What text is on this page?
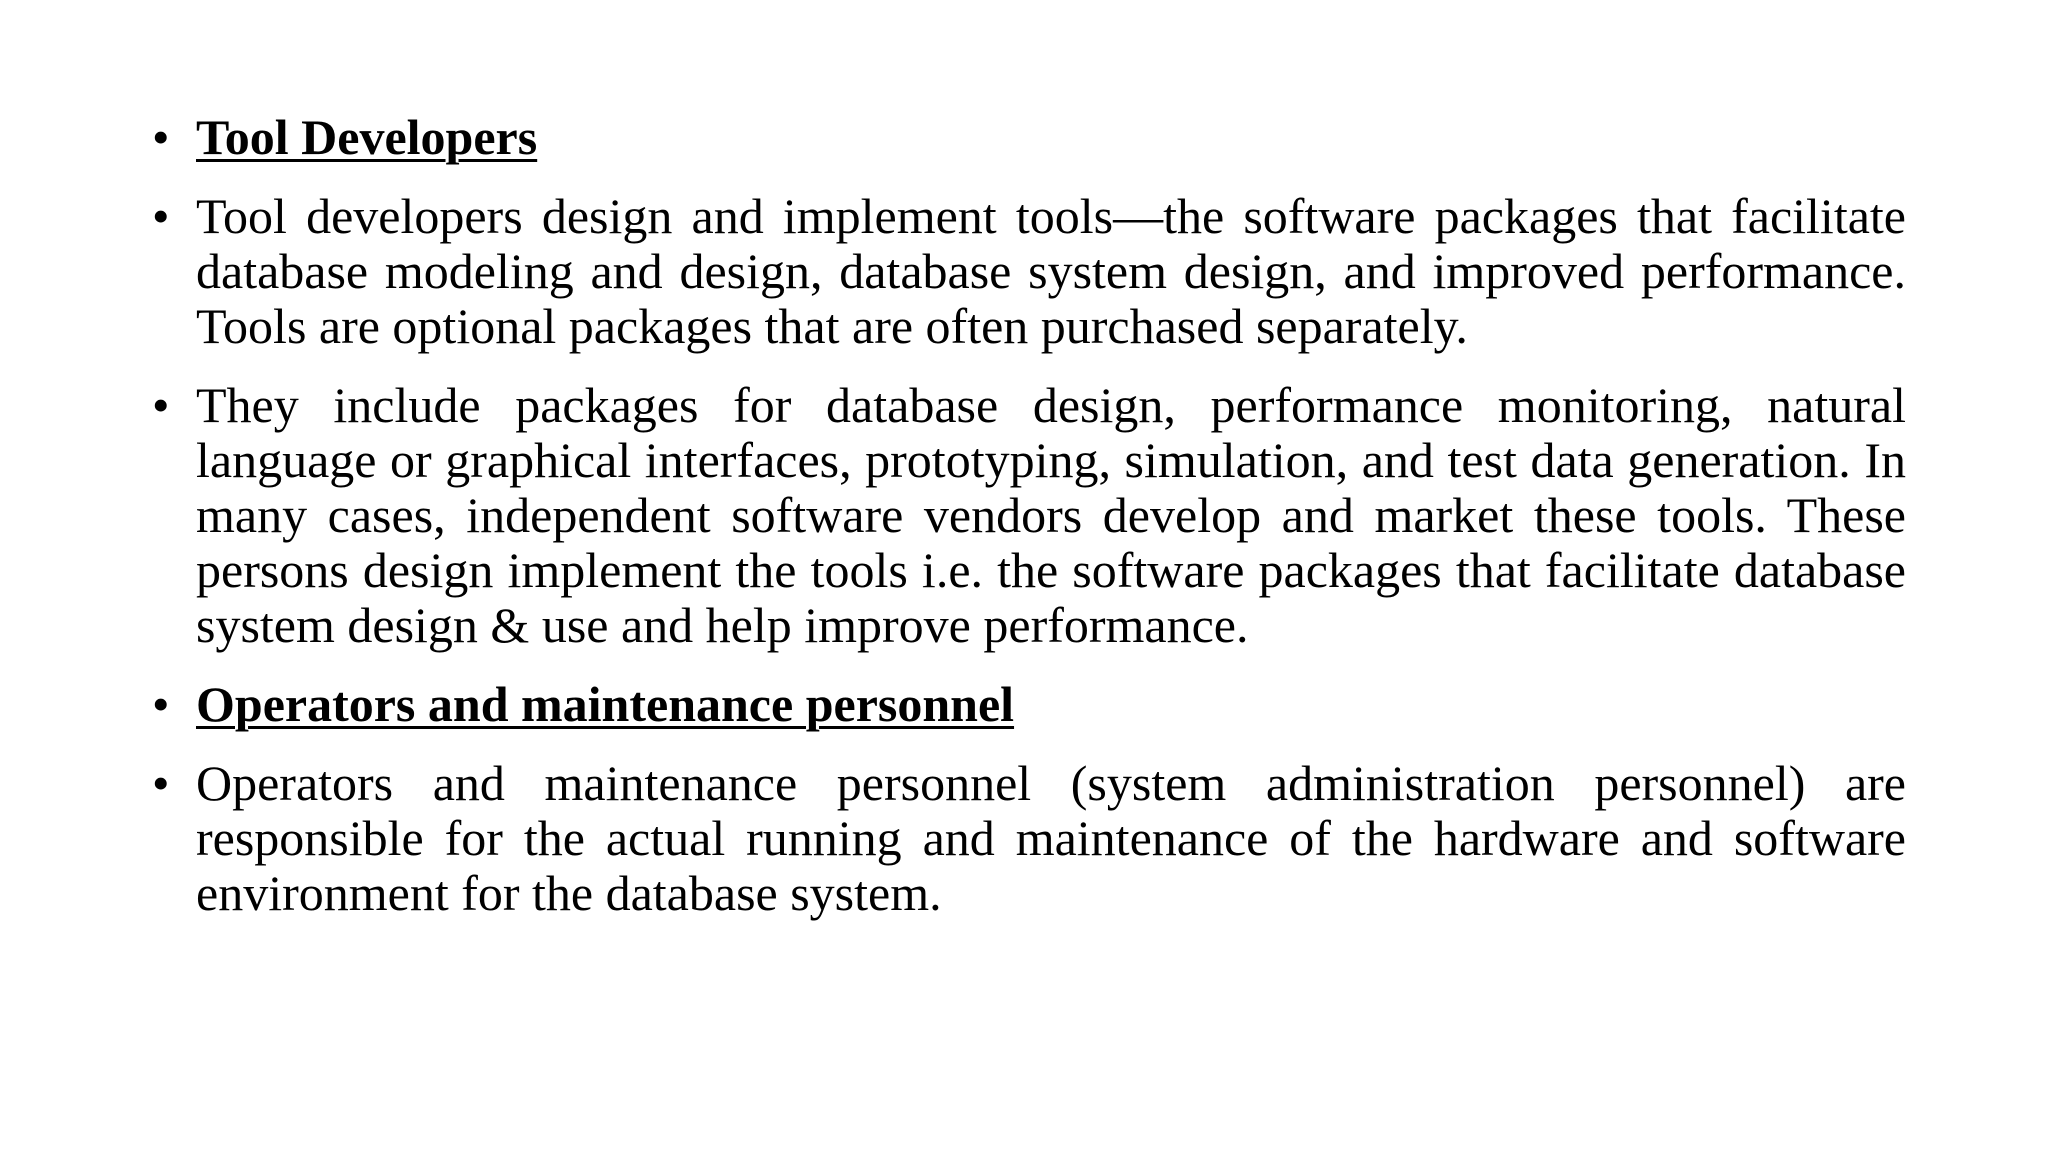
• Tool Developers
• Tool developers design and implement tools—the software packages that facilitate database modeling and design, database system design, and improved performance. Tools are optional packages that are often purchased separately.
• They include packages for database design, performance monitoring, natural language or graphical interfaces, prototyping, simulation, and test data generation. In many cases, independent software vendors develop and market these tools. These persons design implement the tools i.e. the software packages that facilitate database system design & use and help improve performance.
• Operators and maintenance personnel
• Operators and maintenance personnel (system administration personnel) are responsible for the actual running and maintenance of the hardware and software environment for the database system.
